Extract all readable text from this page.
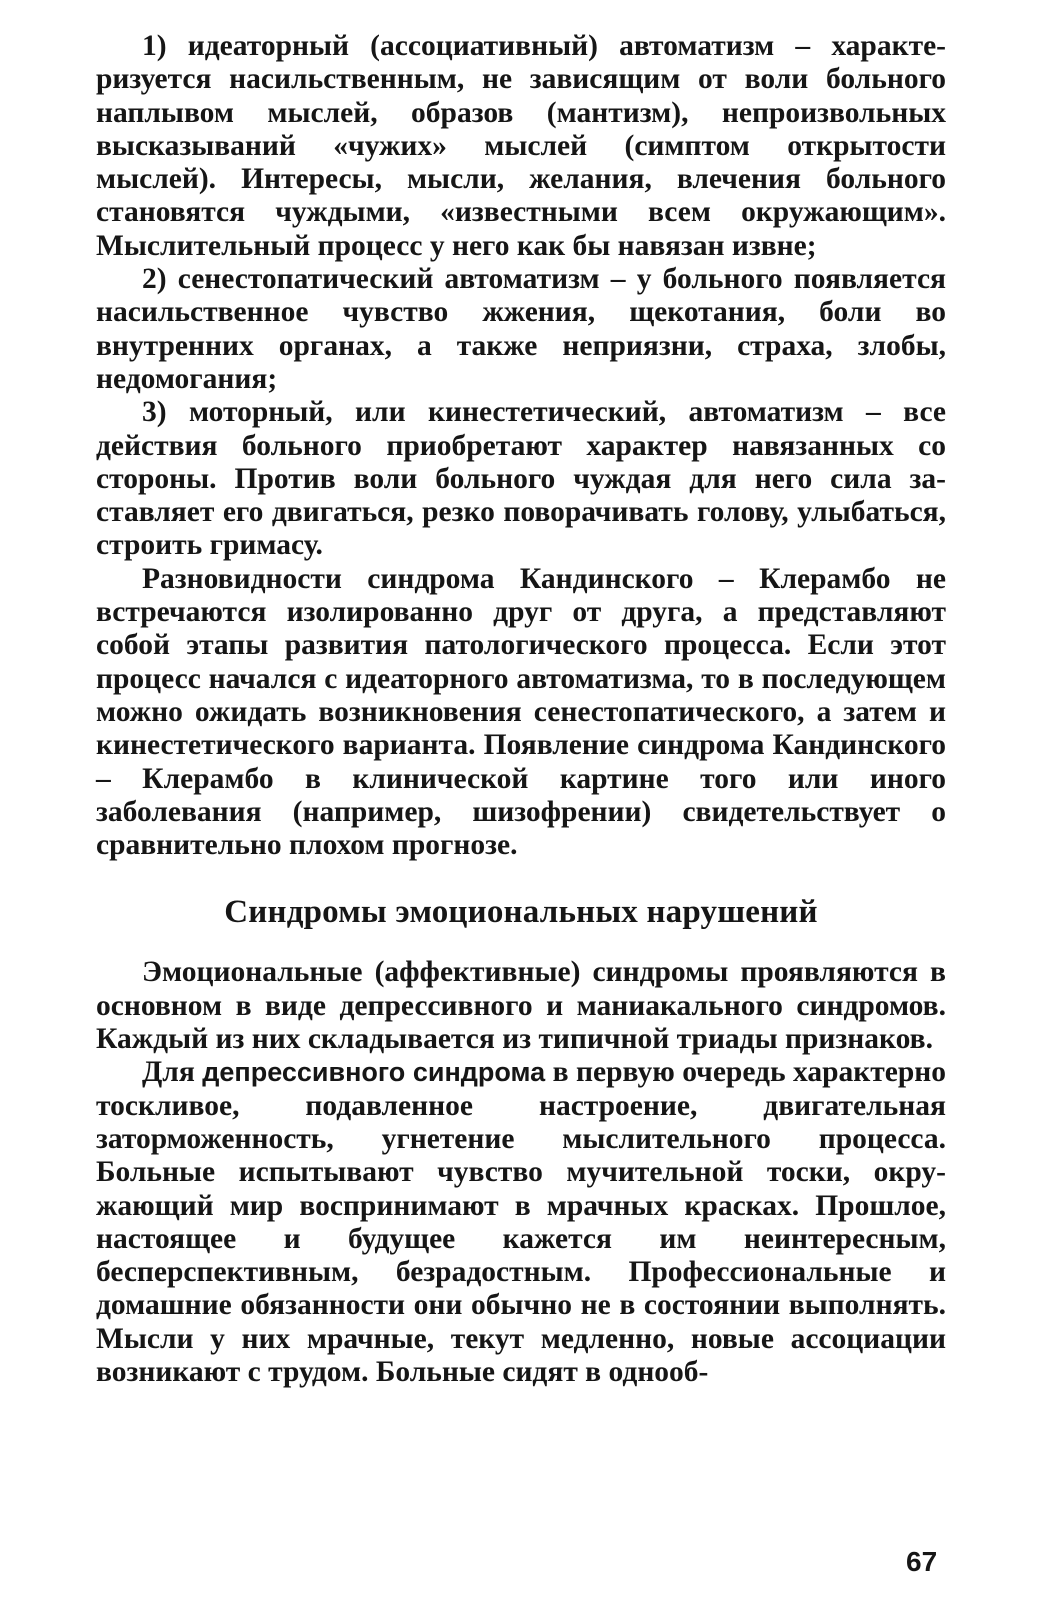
1) идеаторный (ассоциативный) автоматизм – характеризуется насильственным, не зависящим от воли больного наплывом мыслей, образов (мантизм), непроизвольных высказываний «чужих» мыслей (симптом открытости мыслей). Интересы, мысли, желания, влечения больного становятся чуждыми, «известными всем окружающим». Мыслительный процесс у него как бы навязан извне;

2) сенестопатический автоматизм – у больного появляется насильственное чувство жжения, щекотания, боли во внутренних органах, а также неприязни, страха, злобы, недомогания;

3) моторный, или кинестетический, автоматизм – все действия больного приобретают характер навязанных со стороны. Против воли больного чуждая для него сила заставляет его двигаться, резко поворачивать голову, улыбаться, строить гримасу.

Разновидности синдрома Кандинского – Клерамбо не встречаются изолированно друг от друга, а представляют собой этапы развития патологического процесса. Если этот процесс начался с идеаторного автоматизма, то в последующем можно ожидать возникновения сенестопатического, а затем и кинестетического варианта. Появление синдрома Кандинского – Клерамбо в клинической картине того или иного заболевания (например, шизофрении) свидетельствует о сравнительно плохом прогнозе.

Синдромы эмоциональных нарушений

Эмоциональные (аффективные) синдромы проявляются в основном в виде депрессивного и маниакального синдромов. Каждый из них складывается из типичной триады признаков.

Для депрессивного синдрома в первую очередь характерно тоскливое, подавленное настроение, двигательная заторможенность, угнетение мыслительного процесса. Больные испытывают чувство мучительной тоски, окружающий мир воспринимают в мрачных красках. Прошлое, настоящее и будущее кажется им неинтересным, бесперспективным, безрадостным. Профессиональные и домашние обязанности они обычно не в состоянии выполнять. Мысли у них мрачные, текут медленно, новые ассоциации возникают с трудом. Больные сидят в однооб-

67
